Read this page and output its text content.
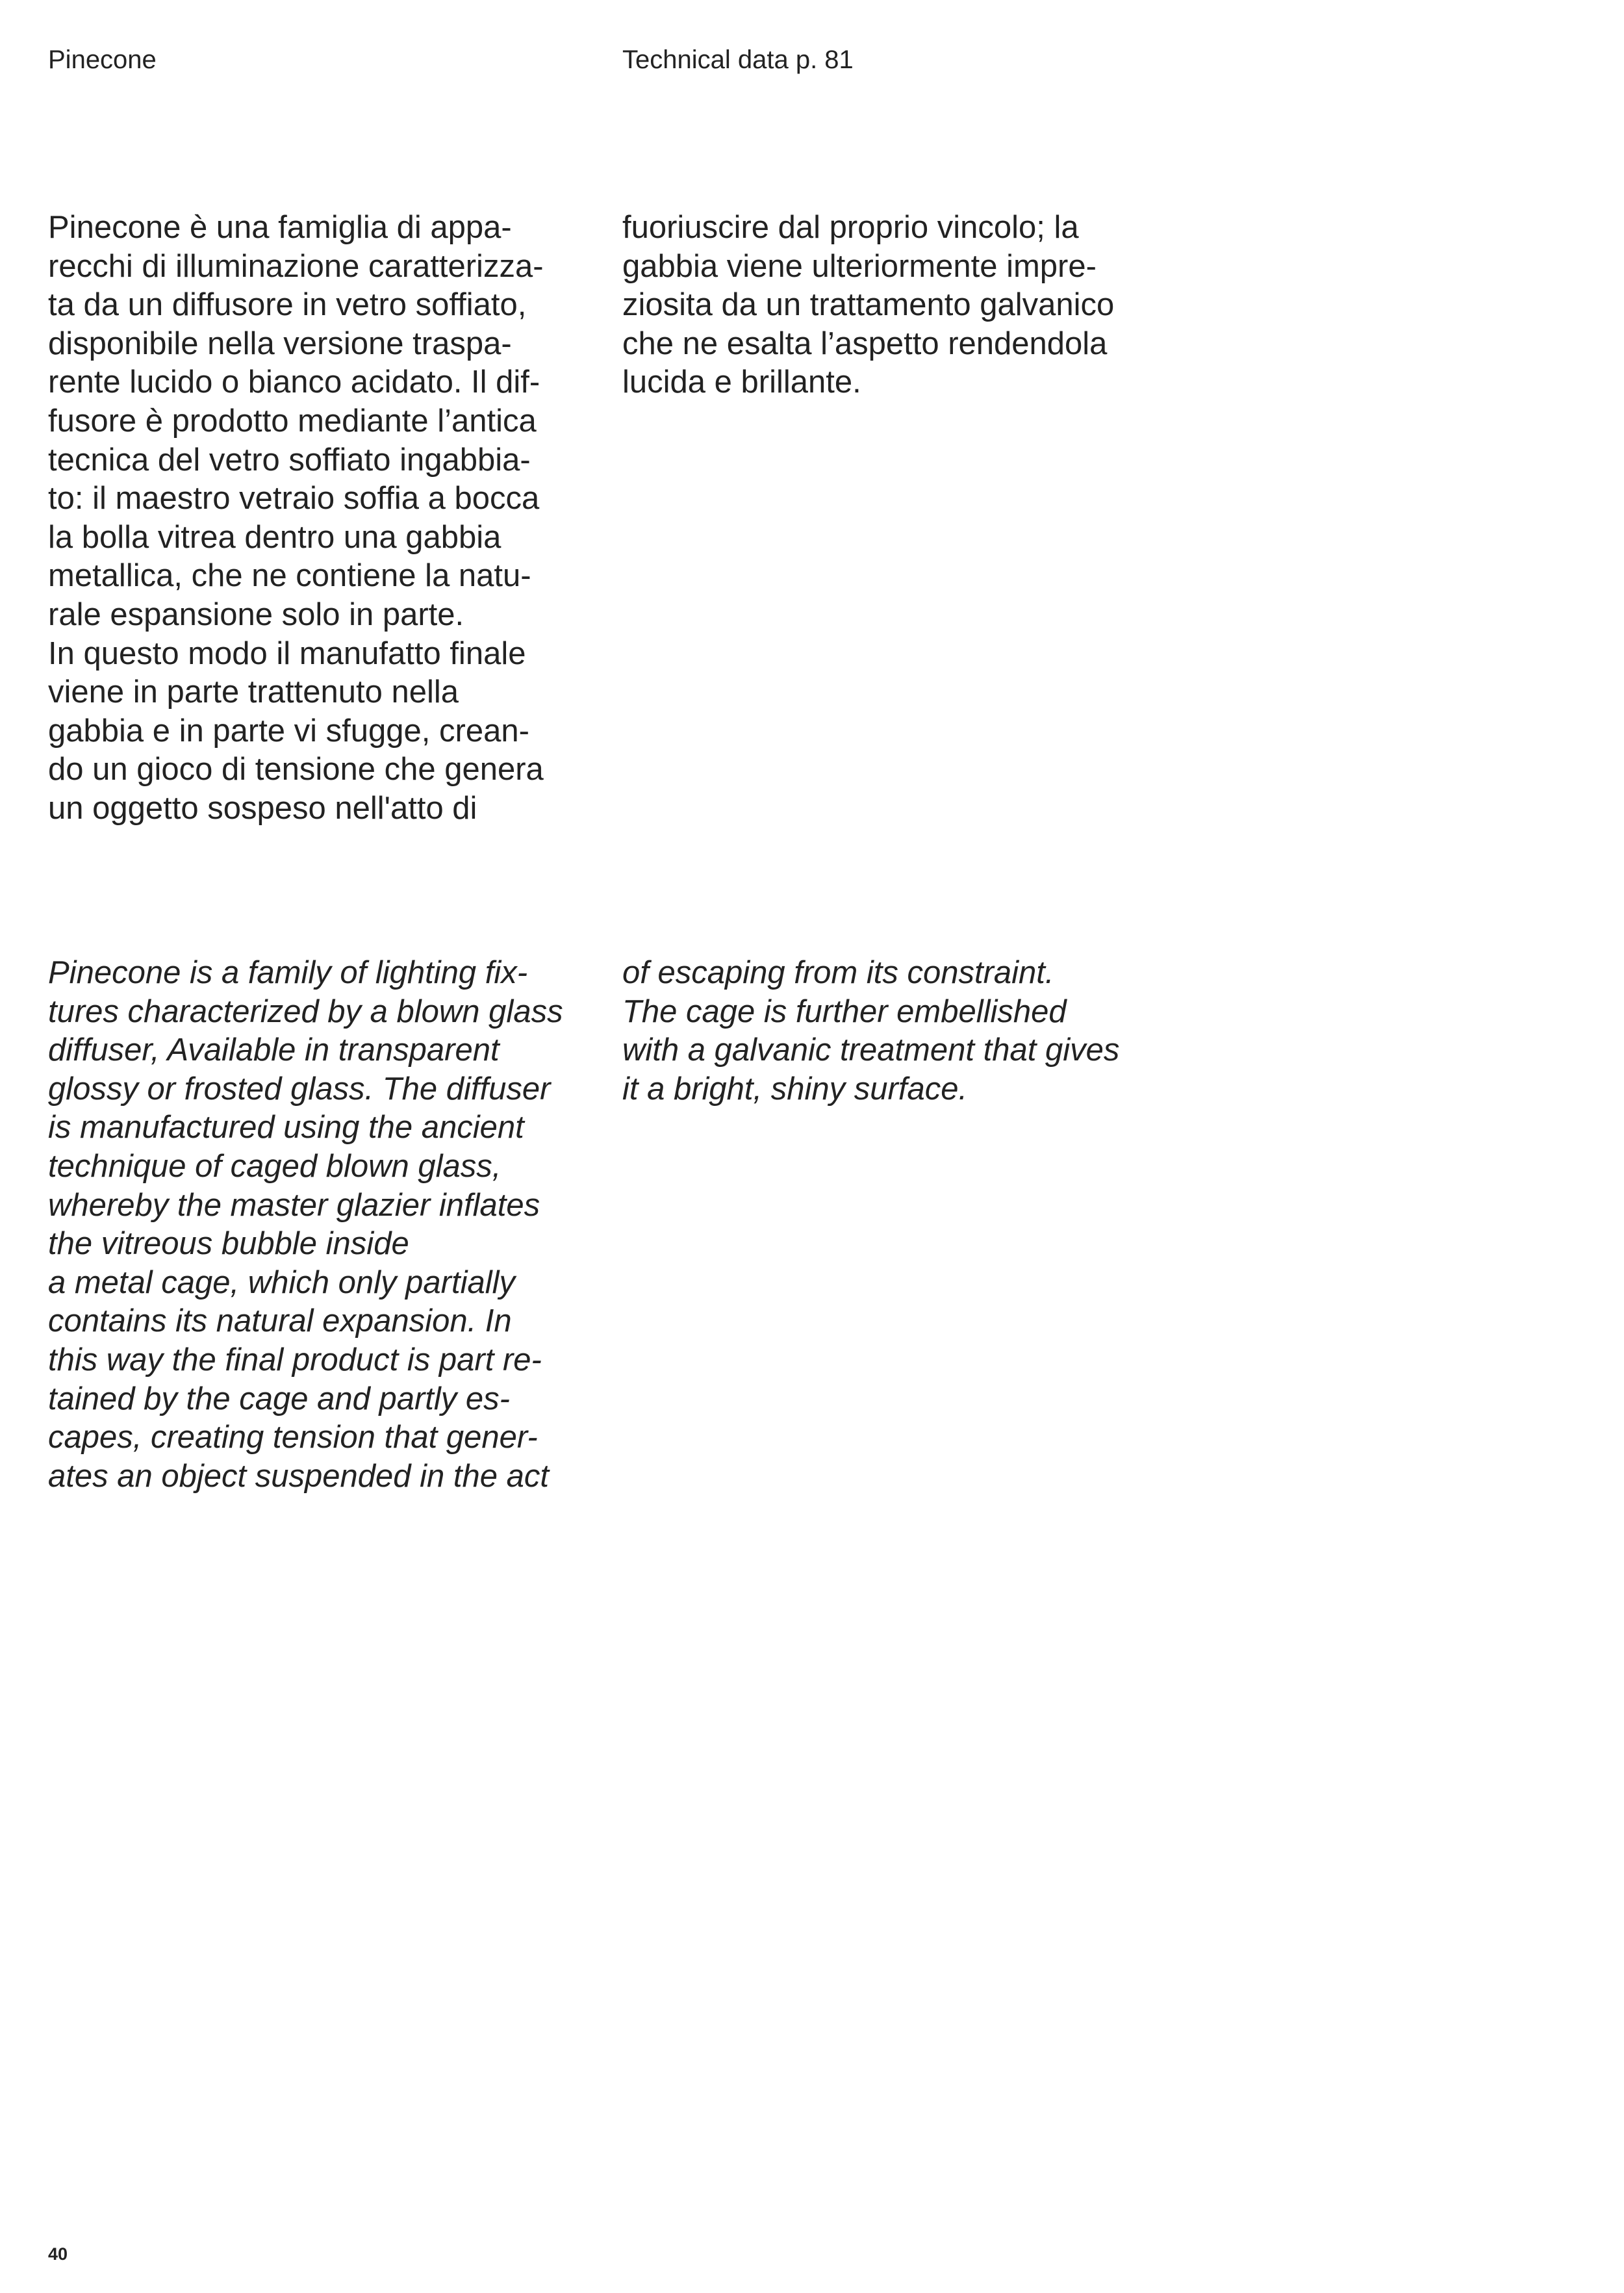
Pinecone	Technical data p. 81
Pinecone è una famiglia di appa-
recchi di illuminazione caratterizza-
ta da un diffusore in vetro soffiato,
disponibile nella versione traspa-
rente lucido o bianco acidato. Il dif-
fusore è prodotto mediante l’antica
tecnica del vetro soffiato ingabbia-
to: il maestro vetraio soffia a bocca
la bolla vitrea dentro una gabbia
metallica, che ne contiene la natu-
rale espansione solo in parte.
In questo modo il manufatto finale
viene in parte trattenuto nella
gabbia e in parte vi sfugge, crean-
do un gioco di tensione che genera
un oggetto sospeso nell'atto di
fuoriuscire dal proprio vincolo; la
gabbia viene ulteriormente impre-
ziosita da un trattamento galvanico
che ne esalta l’aspetto rendendola
lucida e brillante.
Pinecone is a family of lighting fix-
tures characterized by a blown glass
diffuser, Available in transparent
glossy or frosted glass. The diffuser
is manufactured using the ancient
technique of caged blown glass,
whereby the master glazier inflates
the vitreous bubble inside
a metal cage, which only partially
contains its natural expansion. In
this way the final product is part re-
tained by the cage and partly es-
capes, creating tension that gener-
ates an object suspended in the act
of escaping from its constraint.
The cage is further embellished
with a galvanic treatment that gives
it a bright, shiny surface.
40
